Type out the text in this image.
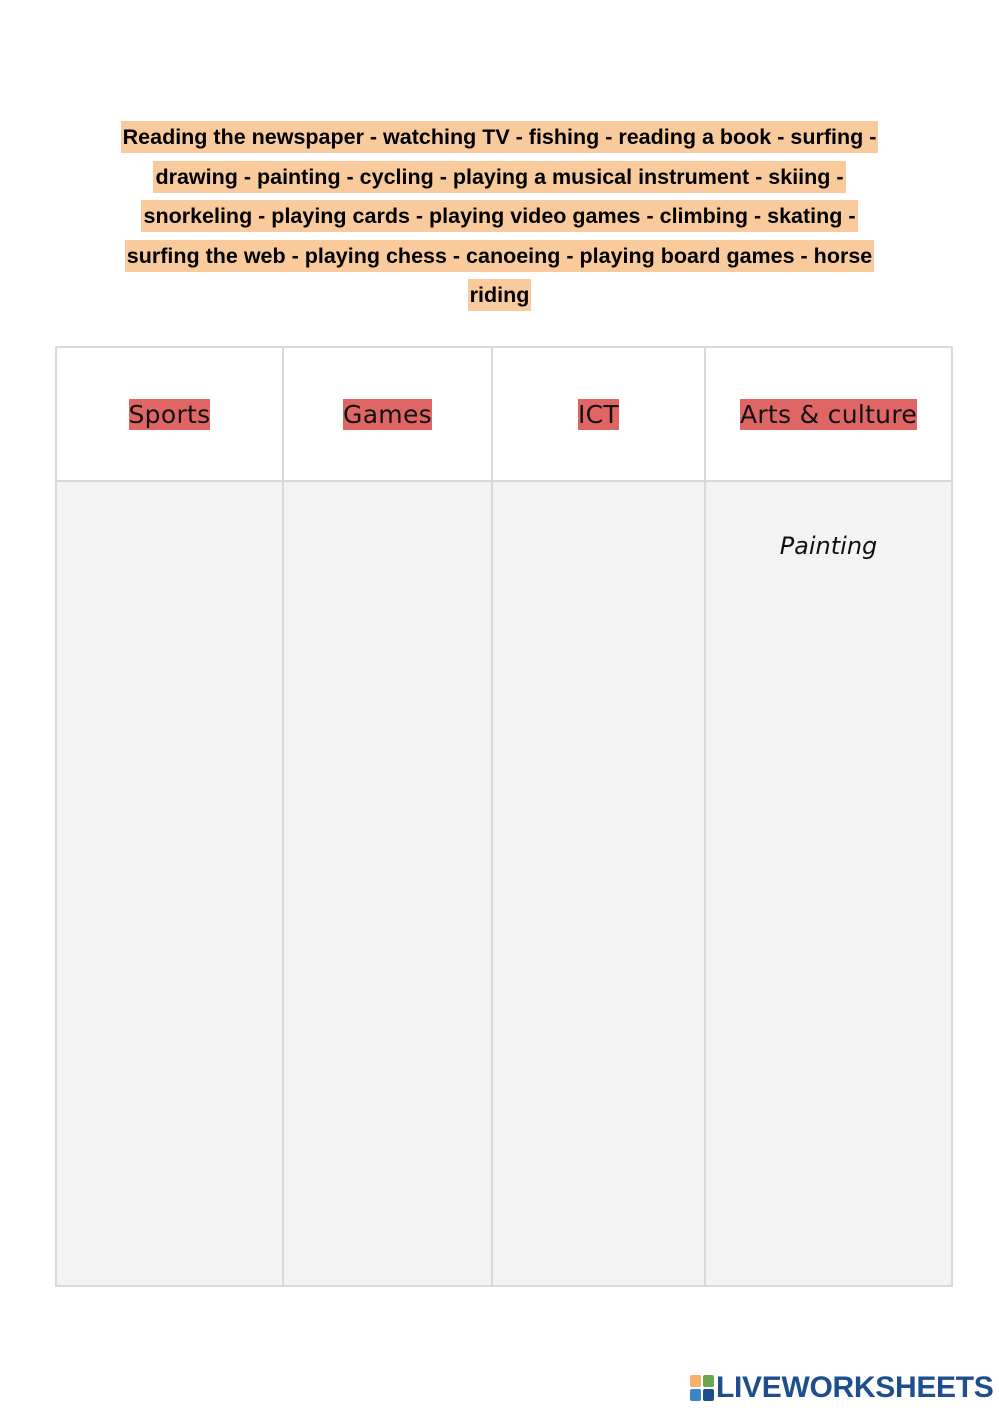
Reading the newspaper - watching TV - fishing - reading a book - surfing - drawing - painting - cycling - playing a musical instrument - skiing - snorkeling - playing cards - playing video games - climbing - skating - surfing the web - playing chess - canoeing - playing board games - horse riding
Sports	Games	ICT	Arts & culture

			Painting
LIVEWORKSHEETS
